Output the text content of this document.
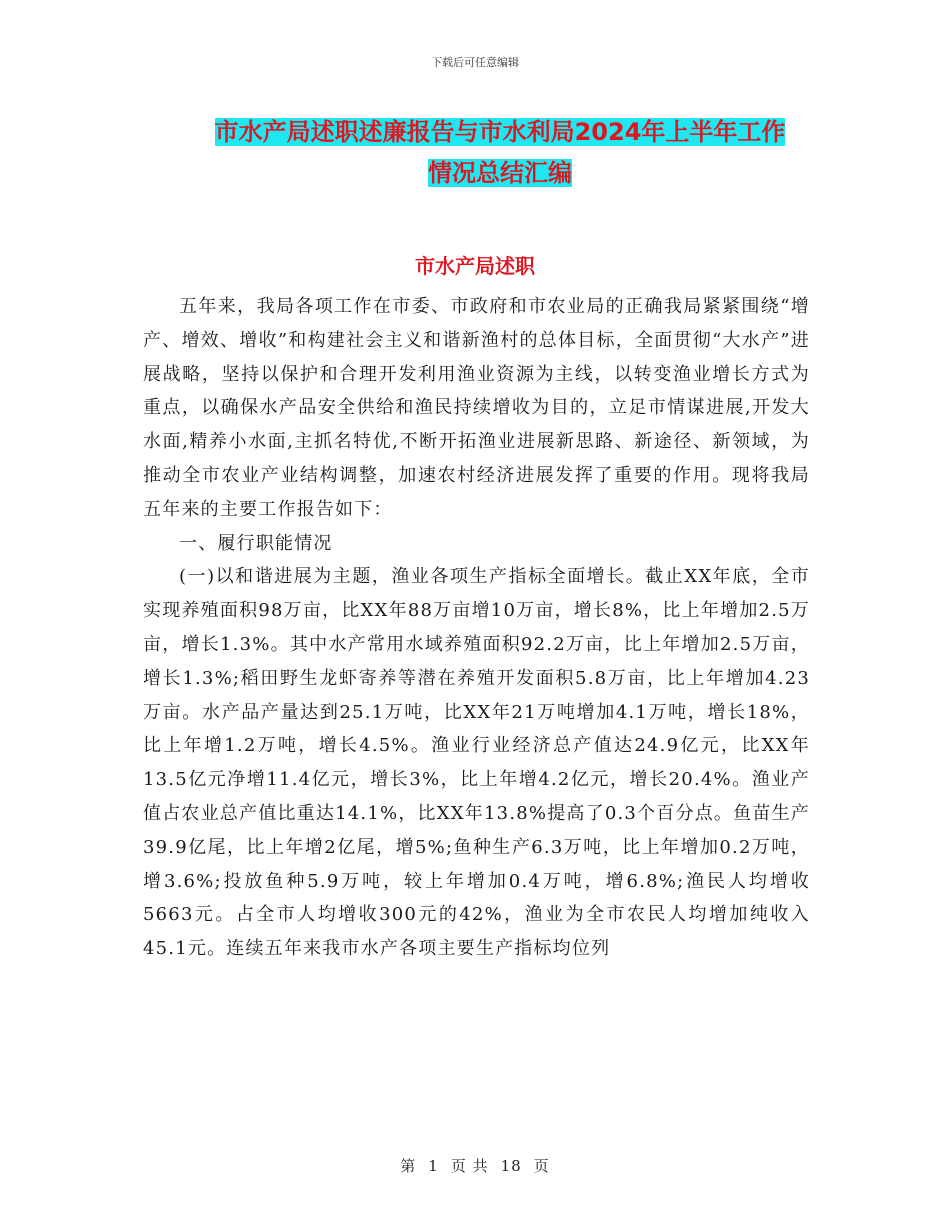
下载后可任意编辑
市水产局述职述廉报告与市水利局2024年上半年工作
情况总结汇编
市水产局述职

五年来，我局各项工作在市委、市政府和市农业局的正确我局紧紧围绕“增产、增效、增收”和构建社会主义和谐新渔村的总体目标，全面贯彻“大水产”进展战略，坚持以保护和合理开发利用渔业资源为主线，以转变渔业增长方式为重点，以确保水产品安全供给和渔民持续增收为目的，立足市情谋进展,开发大水面,精养小水面,主抓名特优,不断开拓渔业进展新思路、新途径、新领域，为推动全市农业产业结构调整，加速农村经济进展发挥了重要的作用。现将我局五年来的主要工作报告如下：

一、履行职能情况

(一)以和谐进展为主题，渔业各项生产指标全面增长。截止XX年底，全市实现养殖面积98万亩，比XX年88万亩增10万亩，增长8%，比上年增加2.5万亩，增长1.3%。其中水产常用水域养殖面积92.2万亩，比上年增加2.5万亩，增长1.3%;稻田野生龙虾寄养等潜在养殖开发面积5.8万亩，比上年增加4.23万亩。水产品产量达到25.1万吨，比XX年21万吨增加4.1万吨，增长18%，比上年增1.2万吨，增长4.5%。渔业行业经济总产值达24.9亿元，比XX年13.5亿元净增11.4亿元，增长3%，比上年增4.2亿元，增长20.4%。渔业产值占农业总产值比重达14.1%，比XX年13.8%提高了0.3个百分点。鱼苗生产39.9亿尾，比上年增2亿尾，增5%;鱼种生产6.3万吨，比上年增加0.2万吨，增3.6%;投放鱼种5.9万吨，较上年增加0.4万吨，增6.8%;渔民人均增收5663元。占全市人均增收300元的42%，渔业为全市农民人均增加纯收入45.1元。连续五年来我市水产各项主要生产指标均位列

第 1 页 共 18 页
